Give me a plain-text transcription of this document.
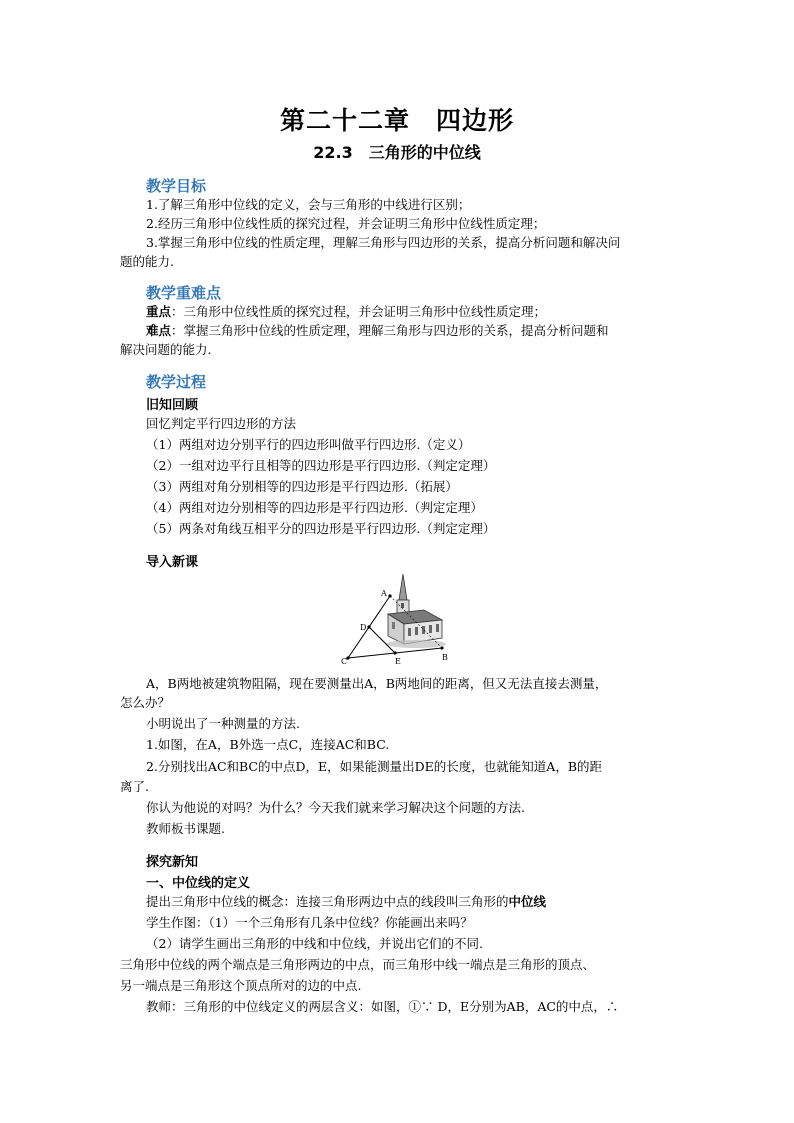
第二十二章　四边形
22.3　三角形的中位线
教学目标
1.了解三角形中位线的定义，会与三角形的中线进行区别；
2.经历三角形中位线性质的探究过程，并会证明三角形中位线性质定理；
3.掌握三角形中位线的性质定理，理解三角形与四边形的关系，提高分析问题和解决问
题的能力.
教学重难点
重点：三角形中位线性质的探究过程，并会证明三角形中位线性质定理；
难点：掌握三角形中位线的性质定理，理解三角形与四边形的关系，提高分析问题和
解决问题的能力.
教学过程
旧知回顾
回忆判定平行四边形的方法
（1）两组对边分别平行的四边形叫做平行四边形.（定义）
（2）一组对边平行且相等的四边形是平行四边形.（判定定理）
（3）两组对角分别相等的四边形是平行四边形.（拓展）
（4）两组对边分别相等的四边形是平行四边形.（判定定理）
（5）两条对角线互相平分的四边形是平行四边形.（判定定理）
导入新课
A
D
C	E	B
A，B两地被建筑物阻隔，现在要测量出A，B两地间的距离，但又无法直接去测量，
怎么办？
小明说出了一种测量的方法.
1.如图，在A，B外选一点C，连接AC和BC.
2.分别找出AC和BC的中点D，E，如果能测量出DE的长度，也就能知道A，B的距
离了.
你认为他说的对吗？为什么？今天我们就来学习解决这个问题的方法.
教师板书课题.
探究新知
一、中位线的定义
提出三角形中位线的概念：连接三角形两边中点的线段叫三角形的中位线
学生作图：（1）一个三角形有几条中位线？你能画出来吗？
（2）请学生画出三角形的中线和中位线，并说出它们的不同.
三角形中位线的两个端点是三角形两边的中点，而三角形中线一端点是三角形的顶点、
另一端点是三角形这个顶点所对的边的中点.
教师：三角形的中位线定义的两层含义：如图，①∵ D，E分别为AB，AC的中点，∴
